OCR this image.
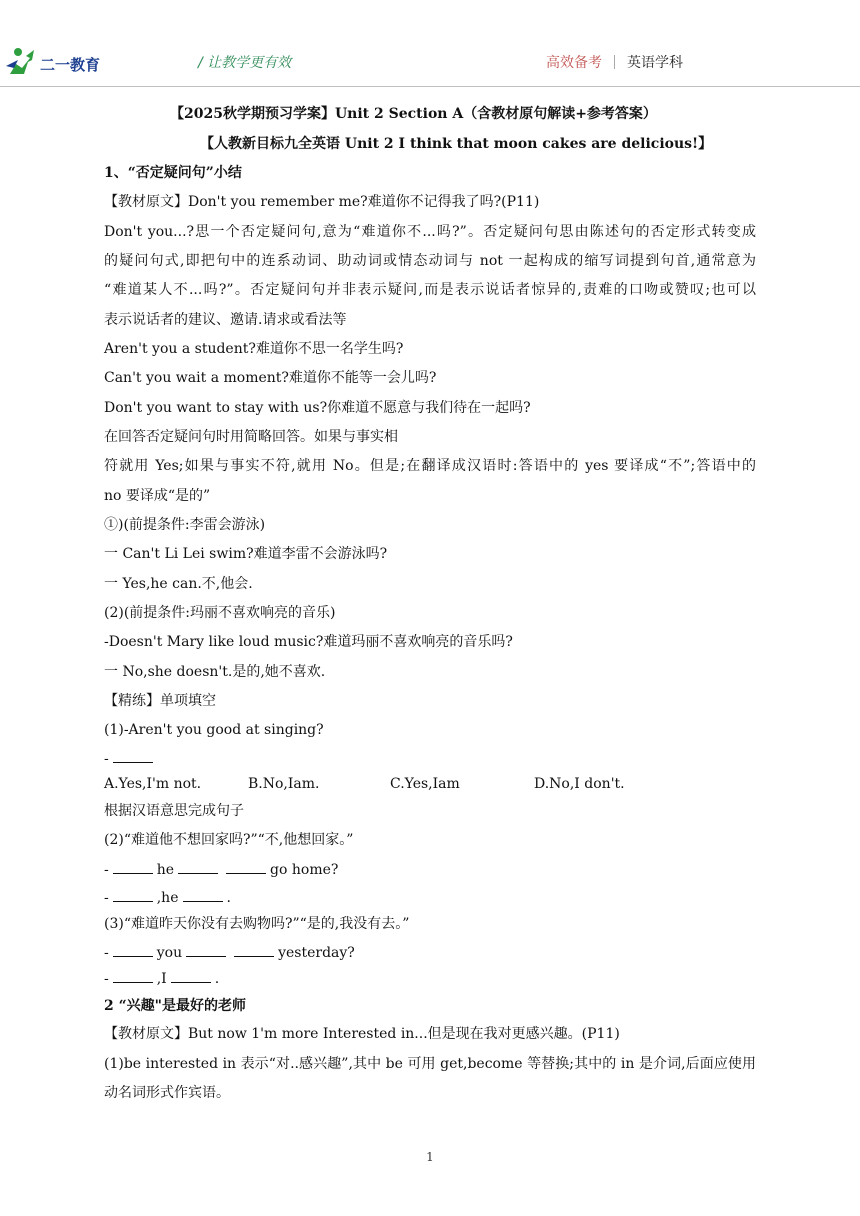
二一教育	/ 让教学更有效	高效备考 英语学科
【2025秋学期预习学案】Unit 2 Section A（含教材原句解读+参考答案）
【人教新目标九全英语 Unit 2 I think that moon cakes are delicious!】
1、“否定疑问句”小结
【教材原文】Don't you remember me?难道你不记得我了吗?(P11)
Don't you...?思一个否定疑问句,意为“难道你不...吗?”。否定疑问句思由陈述句的否定形式转变成
的疑问句式,即把句中的连系动词、助动词或情态动词与 not 一起构成的缩写词提到句首,通常意为
“难道某人不...吗?”。否定疑问句并非表示疑问,而是表示说话者惊异的,责难的口吻或赞叹;也可以
表示说话者的建议、邀请.请求或看法等
Aren't you a student?难道你不思一名学生吗?
Can't you wait a moment?难道你不能等一会儿吗?
Don't you want to stay with us?你难道不愿意与我们待在一起吗?
在回答否定疑问句时用简略回答。如果与事实相
符就用 Yes;如果与事实不符,就用 No。但是;在翻译成汉语时:答语中的 yes 要译成“不”;答语中的
no 要译成“是的”
①)(前提条件:李雷会游泳)
一 Can't Li Lei swim?难道李雷不会游泳吗?
一 Yes,he can.不,他会.
(2)(前提条件:玛丽不喜欢响亮的音乐)
-Doesn't Mary like loud music?难道玛丽不喜欢响亮的音乐吗?
一 No,she doesn't.是的,她不喜欢.
【精练】单项填空
(1)-Aren't you good at singing?
-
A.Yes,I'm not.	B.No,Iam.	C.Yes,Iam	D.No,I don't.
根据汉语意思完成句子
(2)“难道他不想回家吗?”“不,他想回家。”
-	he	go home?
-	,he	.
(3)“难道昨天你没有去购物吗?”“是的,我没有去。”
-	you	yesterday?
-	,I	.
2 “兴趣"是最好的老师
【教材原文】But now 1'm more Interested in...但是现在我对更感兴趣。(P11)
(1)be interested in 表示“对..感兴趣”,其中 be 可用 get,become 等替换;其中的 in 是介词,后面应使用
动名词形式作宾语。
1
